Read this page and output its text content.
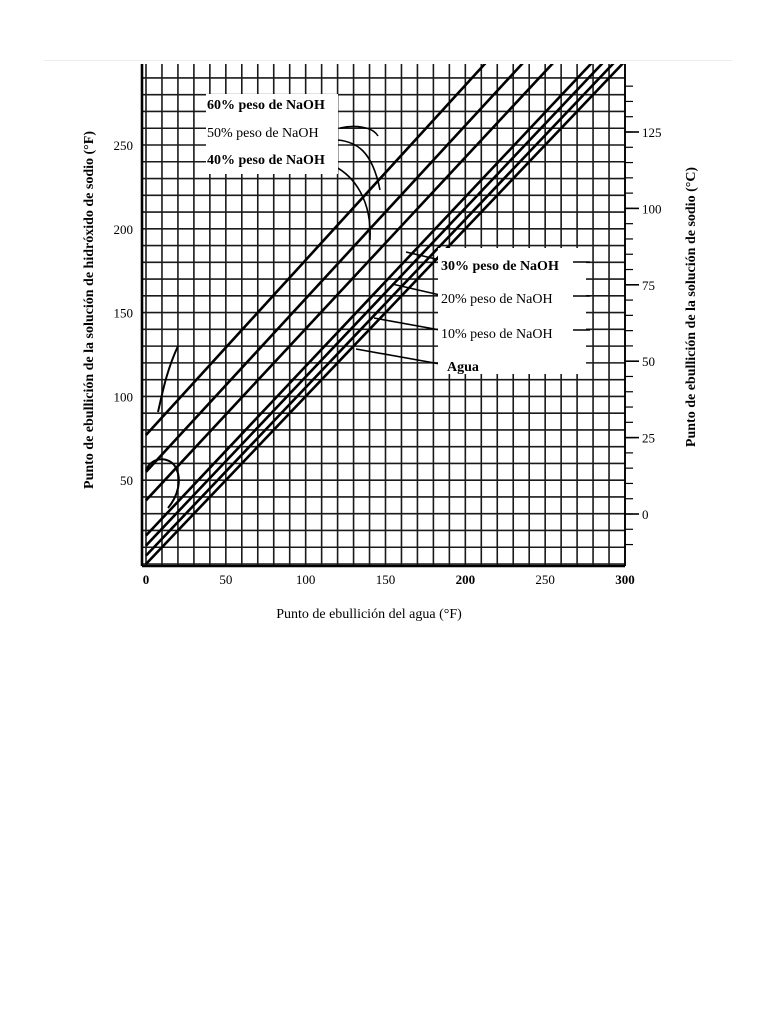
60% peso de NaOH
50% peso de NaOH
40% peso de NaOH
30% peso de NaOH
20% peso de NaOH
10% peso de NaOH
Agua
0	50	100	150	200	250	300
50
100
150
200
250
0
25
50
75
100
125
Punto de ebullición del agua (°F)
Punto de ebullición de la solución de hidróxido de sodio (°F)	Punto de ebullición de la solución de sodio (°C)
